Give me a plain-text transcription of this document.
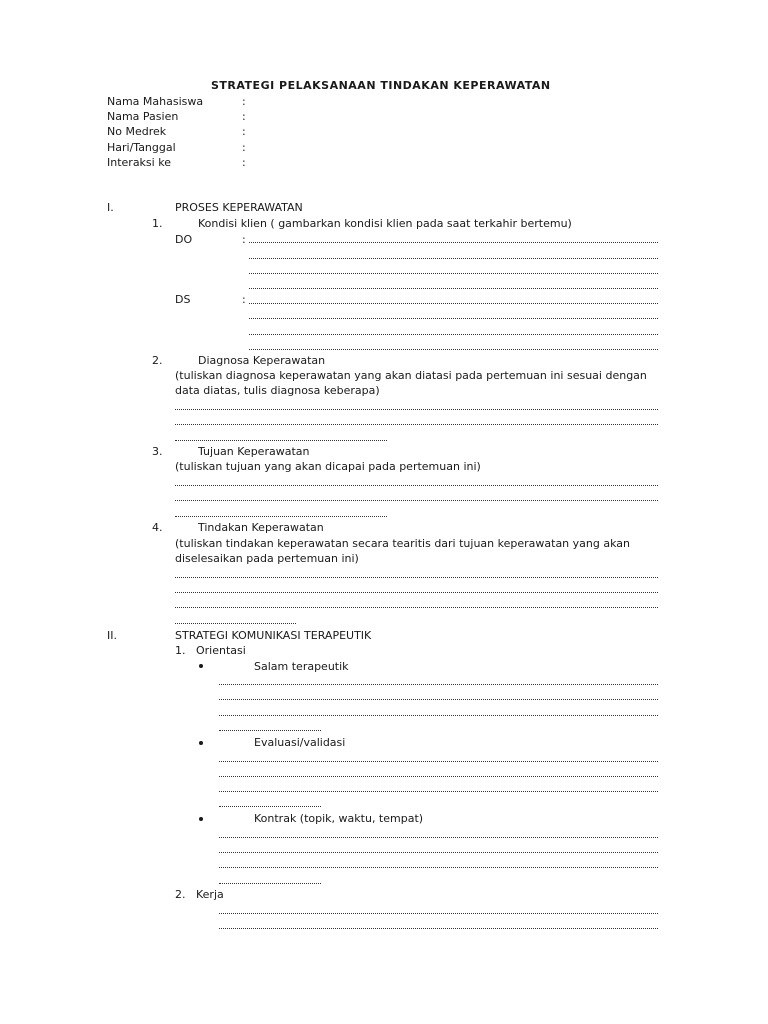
STRATEGI PELAKSANAAN TINDAKAN KEPERAWATAN
Nama Mahasiswa	:
Nama Pasien	:
No Medrek	:
Hari/Tanggal	:
Interaksi ke	:
I.	PROSES KEPERAWATAN
1.	Kondisi klien ( gambarkan kondisi klien pada saat terkahir bertemu)
DO	:
DS	:
2.	Diagnosa Keperawatan
(tuliskan diagnosa keperawatan yang akan diatasi pada pertemuan ini sesuai dengan
data diatas, tulis diagnosa keberapa)
3.	Tujuan Keperawatan
(tuliskan tujuan yang akan dicapai pada pertemuan ini)
4.	Tindakan Keperawatan
(tuliskan tindakan keperawatan secara tearitis dari tujuan keperawatan yang akan
diselesaikan pada pertemuan ini)
II.	STRATEGI KOMUNIKASI TERAPEUTIK
1. Orientasi
Salam terapeutik
Evaluasi/validasi
Kontrak (topik, waktu, tempat)
2. Kerja
